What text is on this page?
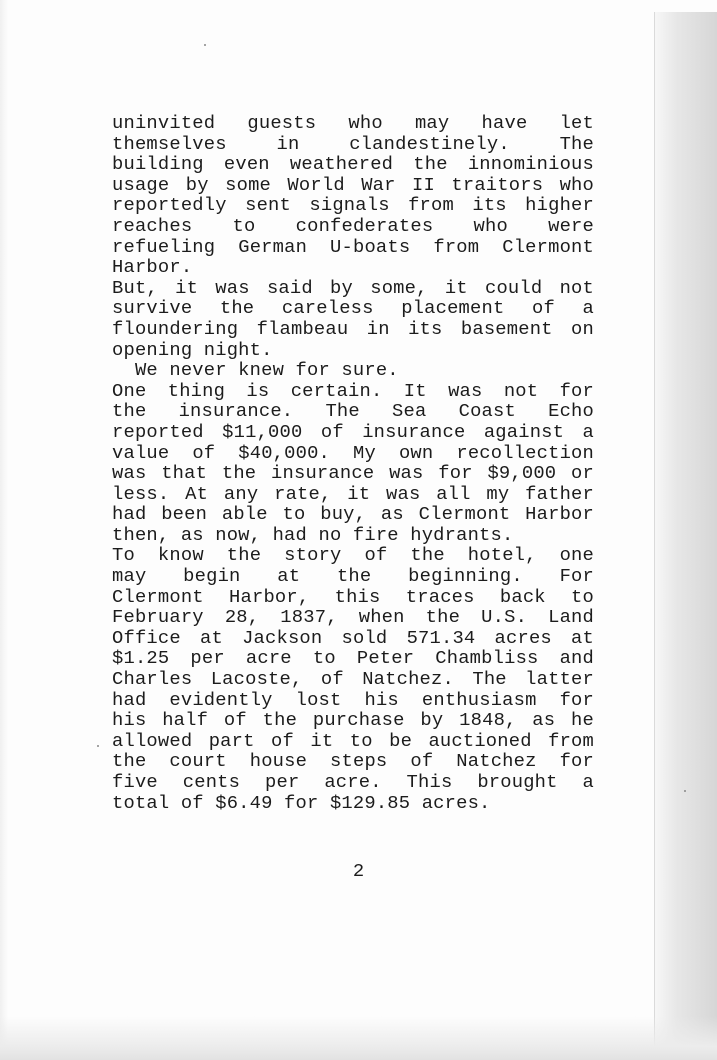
uninvited guests who may have let
themselves in clandestinely. The
building even weathered the innominious
usage by some World War II traitors who
reportedly sent signals from its higher
reaches to confederates who were
refueling German U-boats from Clermont
Harbor.
But, it was said by some, it could not
survive the careless placement of a
floundering flambeau in its basement on
opening night.
We never knew for sure.
One thing is certain. It was not for
the insurance. The Sea Coast Echo
reported $11,000 of insurance against a
value of $40,000. My own recollection
was that the insurance was for $9,000 or
less. At any rate, it was all my father
had been able to buy, as Clermont Harbor
then, as now, had no fire hydrants.
To know the story of the hotel, one
may begin at the beginning. For
Clermont Harbor, this traces back to
February 28, 1837, when the U.S. Land
Office at Jackson sold 571.34 acres at
$1.25 per acre to Peter Chambliss and
Charles Lacoste, of Natchez. The latter
had evidently lost his enthusiasm for
his half of the purchase by 1848, as he
allowed part of it to be auctioned from
the court house steps of Natchez for
five cents per acre. This brought a
total of $6.49 for $129.85 acres.
2
